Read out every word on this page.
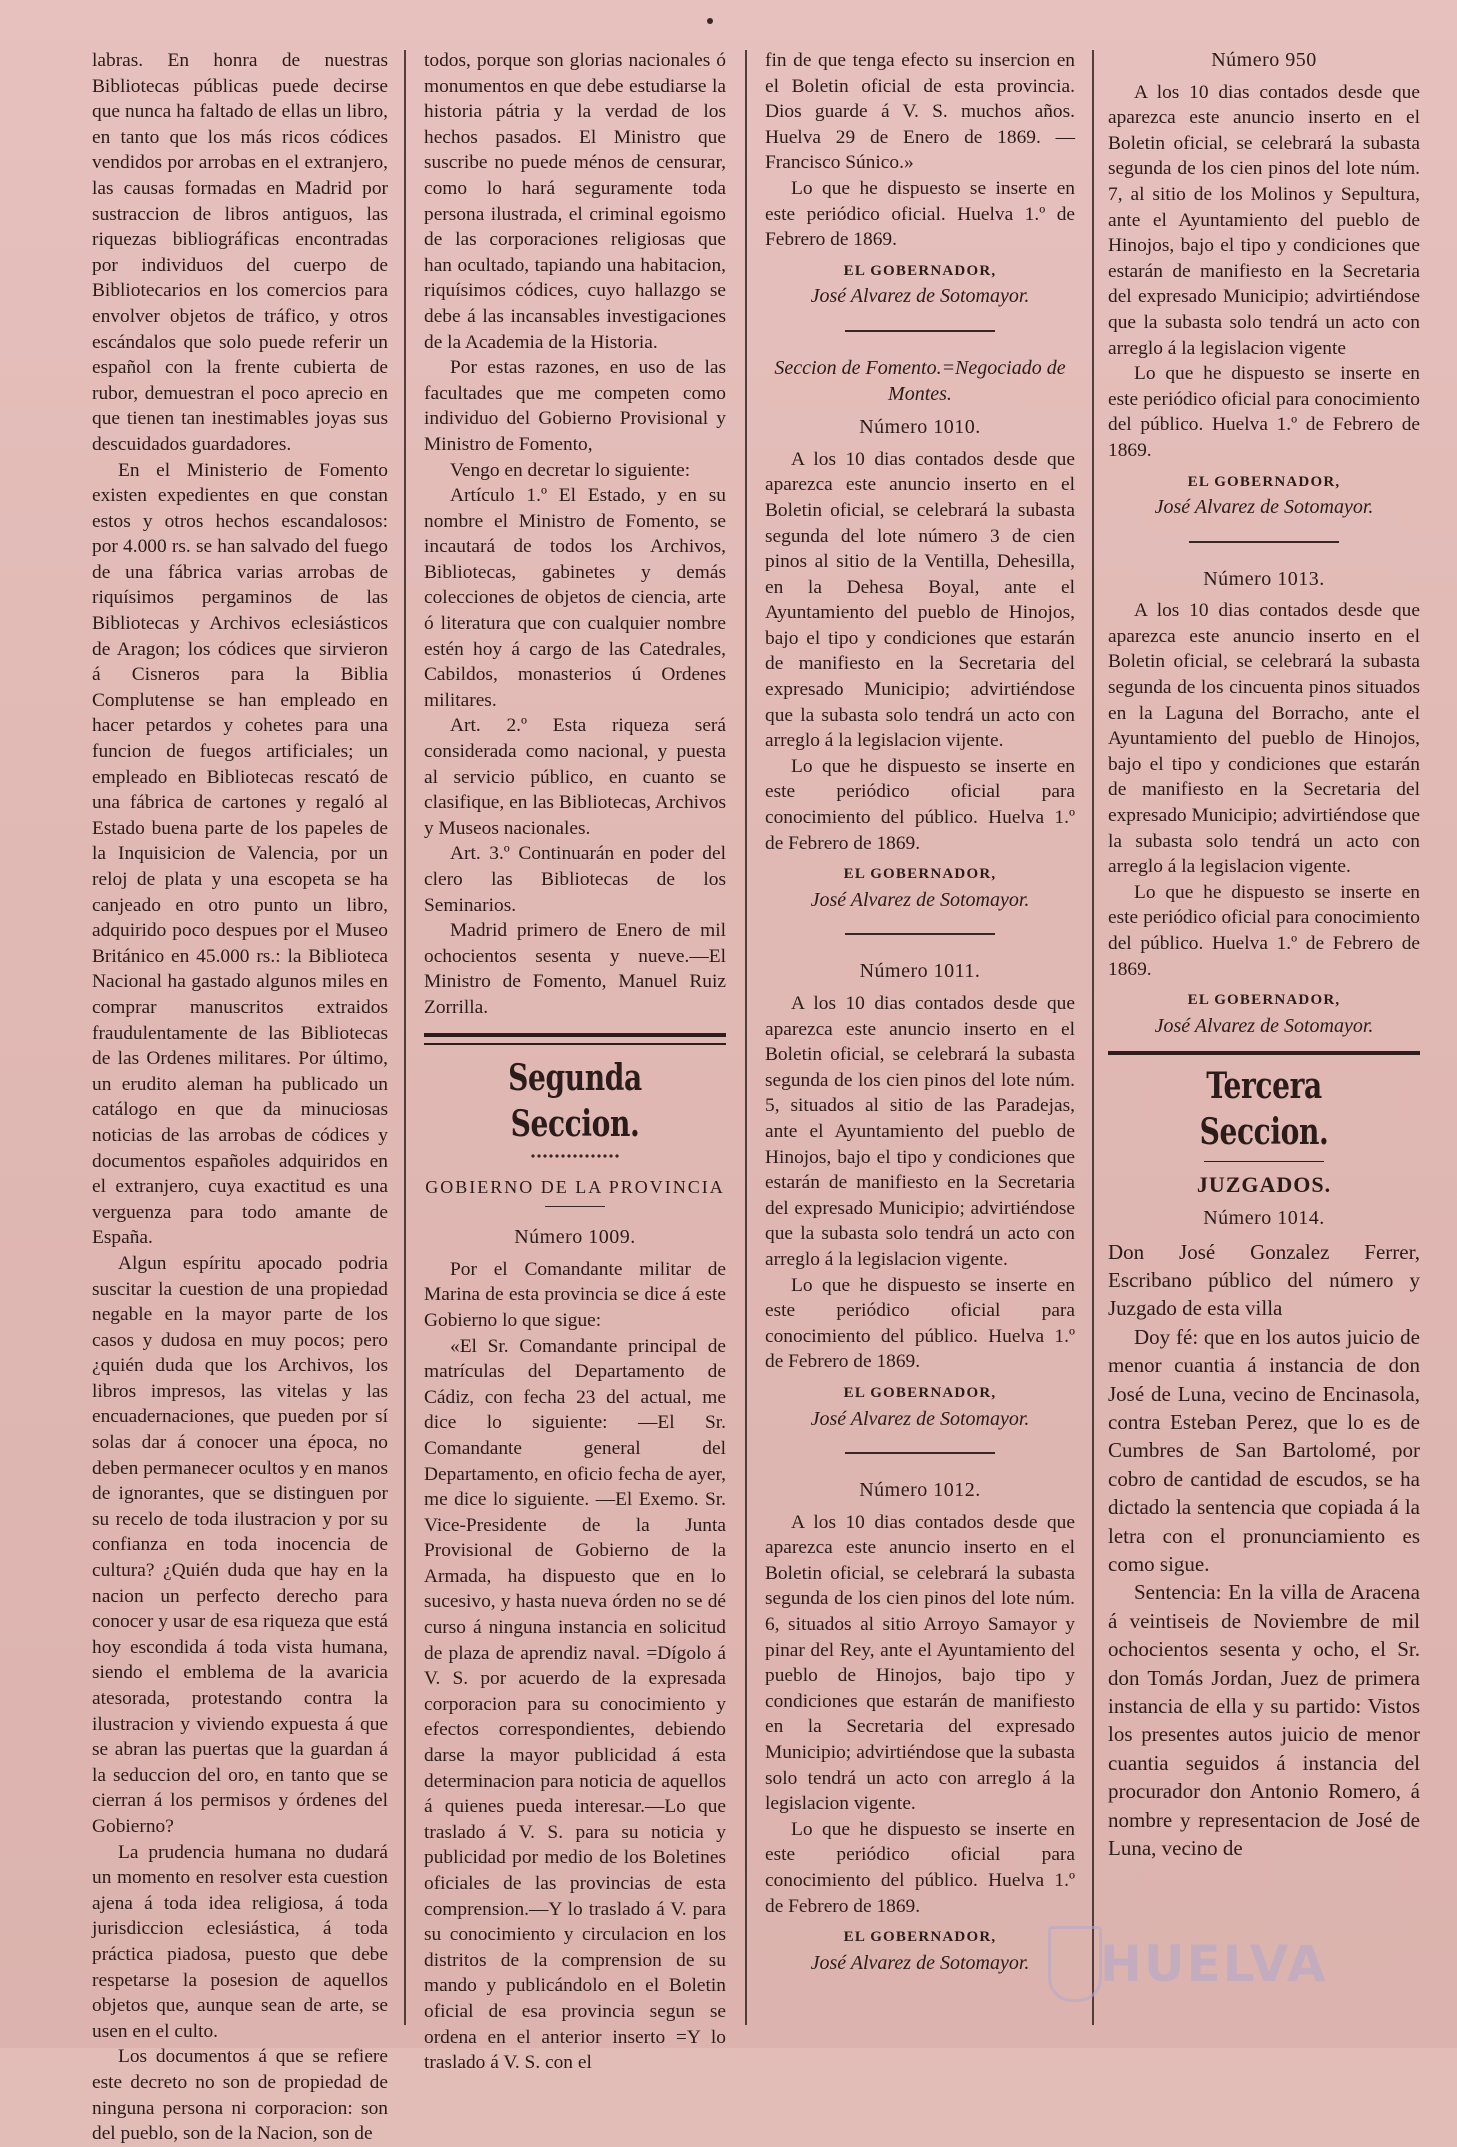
labras. En honra de nuestras Bibliotecas públicas puede decirse que nunca ha faltado de ellas un libro, en tanto que los más ricos códices vendidos por arrobas en el extranjero, las causas formadas en Madrid por sustraccion de libros antiguos, las riquezas bibliográficas encontradas por individuos del cuerpo de Bibliotecarios en los comercios para envolver objetos de tráfico, y otros escándalos que solo puede referir un español con la frente cubierta de rubor, demuestran el poco aprecio en que tienen tan inestimables joyas sus descuidados guardadores.

En el Ministerio de Fomento existen expedientes en que constan estos y otros hechos escandalosos: por 4.000 rs. se han salvado del fuego de una fábrica varias arrobas de riquísimos pergaminos de las Bibliotecas y Archivos eclesiásticos de Aragon; los códices que sirvieron á Cisneros para la Biblia Complutense se han empleado en hacer petardos y cohetes para una funcion de fuegos artificiales; un empleado en Bibliotecas rescató de una fábrica de cartones y regaló al Estado buena parte de los papeles de la Inquisicion de Valencia, por un reloj de plata y una escopeta se ha canjeado en otro punto un libro, adquirido poco despues por el Museo Británico en 45.000 rs.: la Biblioteca Nacional ha gastado algunos miles en comprar manuscritos extraidos fraudulentamente de las Bibliotecas de las Ordenes militares. Por último, un erudito aleman ha publicado un catálogo en que da minuciosas noticias de las arrobas de códices y documentos españoles adquiridos en el extranjero, cuya exactitud es una verguenza para todo amante de España.

Algun espíritu apocado podria suscitar la cuestion de una propiedad negable en la mayor parte de los casos y dudosa en muy pocos; pero ¿quién duda que los Archivos, los libros impresos, las vitelas y las encuadernaciones, que pueden por sí solas dar á conocer una época, no deben permanecer ocultos y en manos de ignorantes, que se distinguen por su recelo de toda ilustracion y por su confianza en toda inocencia de cultura? ¿Quién duda que hay en la nacion un perfecto derecho para conocer y usar de esa riqueza que está hoy escondida á toda vista humana, siendo el emblema de la avaricia atesorada, protestando contra la ilustracion y viviendo expuesta á que se abran las puertas que la guardan á la seduccion del oro, en tanto que se cierran á los permisos y órdenes del Gobierno?

La prudencia humana no dudará un momento en resolver esta cuestion ajena á toda idea religiosa, á toda jurisdiccion eclesiástica, á toda práctica piadosa, puesto que debe respetarse la posesion de aquellos objetos que, aunque sean de arte, se usen en el culto.

Los documentos á que se refiere este decreto no son de propiedad de ninguna persona ni corporacion: son del pueblo, son de la Nacion, son de

todos, porque son glorias nacionales ó monumentos en que debe estudiarse la historia pátria y la verdad de los hechos pasados. El Ministro que suscribe no puede ménos de censurar, como lo hará seguramente toda persona ilustrada, el criminal egoismo de las corporaciones religiosas que han ocultado, tapiando una habitacion, riquísimos códices, cuyo hallazgo se debe á las incansables investigaciones de la Academia de la Historia.

Por estas razones, en uso de las facultades que me competen como individuo del Gobierno Provisional y Ministro de Fomento,

Vengo en decretar lo siguiente:

Artículo 1.º El Estado, y en su nombre el Ministro de Fomento, se incautará de todos los Archivos, Bibliotecas, gabinetes y demás colecciones de objetos de ciencia, arte ó literatura que con cualquier nombre estén hoy á cargo de las Catedrales, Cabildos, monasterios ú Ordenes militares.

Art. 2.º Esta riqueza será considerada como nacional, y puesta al servicio público, en cuanto se clasifique, en las Bibliotecas, Archivos y Museos nacionales.

Art. 3.º Continuarán en poder del clero las Bibliotecas de los Seminarios.

Madrid primero de Enero de mil ochocientos sesenta y nueve.—El Ministro de Fomento, Manuel Ruiz Zorrilla.

Segunda Seccion.
GOBIERNO DE LA PROVINCIA
Número 1009.

Por el Comandante militar de Marina de esta provincia se dice á este Gobierno lo que sigue:

«El Sr. Comandante principal de matrículas del Departamento de Cádiz, con fecha 23 del actual, me dice lo siguiente: —El Sr. Comandante general del Departamento, en oficio fecha de ayer, me dice lo siguiente. —El Exemo. Sr. Vice-Presidente de la Junta Provisional de Gobierno de la Armada, ha dispuesto que en lo sucesivo, y hasta nueva órden no se dé curso á ninguna instancia en solicitud de plaza de aprendiz naval. =Dígolo á V. S. por acuerdo de la expresada corporacion para su conocimiento y efectos correspondientes, debiendo darse la mayor publicidad á esta determinacion para noticia de aquellos á quienes pueda interesar.—Lo que traslado á V. S. para su noticia y publicidad por medio de los Boletines oficiales de las provincias de esta comprension.—Y lo traslado á V. para su conocimiento y circulacion en los distritos de la comprension de su mando y publicándolo en el Boletin oficial de esa provincia segun se ordena en el anterior inserto =Y lo traslado á V. S. con el

fin de que tenga efecto su insercion en el Boletin oficial de esta provincia. Dios guarde á V. S. muchos años. Huelva 29 de Enero de 1869. —Francisco Súnico.»

Lo que he dispuesto se inserte en este periódico oficial. Huelva 1.º de Febrero de 1869.

EL GOBERNADOR,
José Alvarez de Sotomayor.
Seccion de Fomento.=Negociado de Montes.
Número 1010.

A los 10 dias contados desde que aparezca este anuncio inserto en el Boletin oficial, se celebrará la subasta segunda del lote número 3 de cien pinos al sitio de la Ventilla, Dehesilla, en la Dehesa Boyal, ante el Ayuntamiento del pueblo de Hinojos, bajo el tipo y condiciones que estarán de manifiesto en la Secretaria del expresado Municipio; advirtiéndose que la subasta solo tendrá un acto con arreglo á la legislacion vijente.

Lo que he dispuesto se inserte en este periódico oficial para conocimiento del público. Huelva 1.º de Febrero de 1869.

EL GOBERNADOR,
José Alvarez de Sotomayor.
Número 1011.

A los 10 dias contados desde que aparezca este anuncio inserto en el Boletin oficial, se celebrará la subasta segunda de los cien pinos del lote núm. 5, situados al sitio de las Paradejas, ante el Ayuntamiento del pueblo de Hinojos, bajo el tipo y condiciones que estarán de manifiesto en la Secretaria del expresado Municipio; advirtiéndose que la subasta solo tendrá un acto con arreglo á la legislacion vigente.

Lo que he dispuesto se inserte en este periódico oficial para conocimiento del público. Huelva 1.º de Febrero de 1869.

EL GOBERNADOR,
José Alvarez de Sotomayor.
Número 1012.

A los 10 dias contados desde que aparezca este anuncio inserto en el Boletin oficial, se celebrará la subasta segunda de los cien pinos del lote núm. 6, situados al sitio Arroyo Samayor y pinar del Rey, ante el Ayuntamiento del pueblo de Hinojos, bajo tipo y condiciones que estarán de manifiesto en la Secretaria del expresado Municipio; advirtiéndose que la subasta solo tendrá un acto con arreglo á la legislacion vigente.

Lo que he dispuesto se inserte en este periódico oficial para conocimiento del público. Huelva 1.º de Febrero de 1869.

EL GOBERNADOR,
José Alvarez de Sotomayor.
Número 950

A los 10 dias contados desde que aparezca este anuncio inserto en el Boletin oficial, se celebrará la subasta segunda de los cien pinos del lote núm. 7, al sitio de los Molinos y Sepultura, ante el Ayuntamiento del pueblo de Hinojos, bajo el tipo y condiciones que estarán de manifiesto en la Secretaria del expresado Municipio; advirtiéndose que la subasta solo tendrá un acto con arreglo á la legislacion vigente

Lo que he dispuesto se inserte en este periódico oficial para conocimiento del público. Huelva 1.º de Febrero de 1869.

EL GOBERNADOR,
José Alvarez de Sotomayor.
Número 1013.

A los 10 dias contados desde que aparezca este anuncio inserto en el Boletin oficial, se celebrará la subasta segunda de los cincuenta pinos situados en la Laguna del Borracho, ante el Ayuntamiento del pueblo de Hinojos, bajo el tipo y condiciones que estarán de manifiesto en la Secretaria del expresado Municipio; advirtiéndose que la subasta solo tendrá un acto con arreglo á la legislacion vigente.

Lo que he dispuesto se inserte en este periódico oficial para conocimiento del público. Huelva 1.º de Febrero de 1869.

EL GOBERNADOR,
José Alvarez de Sotomayor.
Tercera Seccion.
JUZGADOS.
Número 1014.

Don José Gonzalez Ferrer, Escribano público del número y Juzgado de esta villa

Doy fé: que en los autos juicio de menor cuantia á instancia de don José de Luna, vecino de Encinasola, contra Esteban Perez, que lo es de Cumbres de San Bartolomé, por cobro de cantidad de escudos, se ha dictado la sentencia que copiada á la letra con el pronunciamiento es como sigue.

Sentencia: En la villa de Aracena á veintiseis de Noviembre de mil ochocientos sesenta y ocho, el Sr. don Tomás Jordan, Juez de primera instancia de ella y su partido: Vistos los presentes autos juicio de menor cuantia seguidos á instancia del procurador don Antonio Romero, á nombre y representacion de José de Luna, vecino de

HUELVA
